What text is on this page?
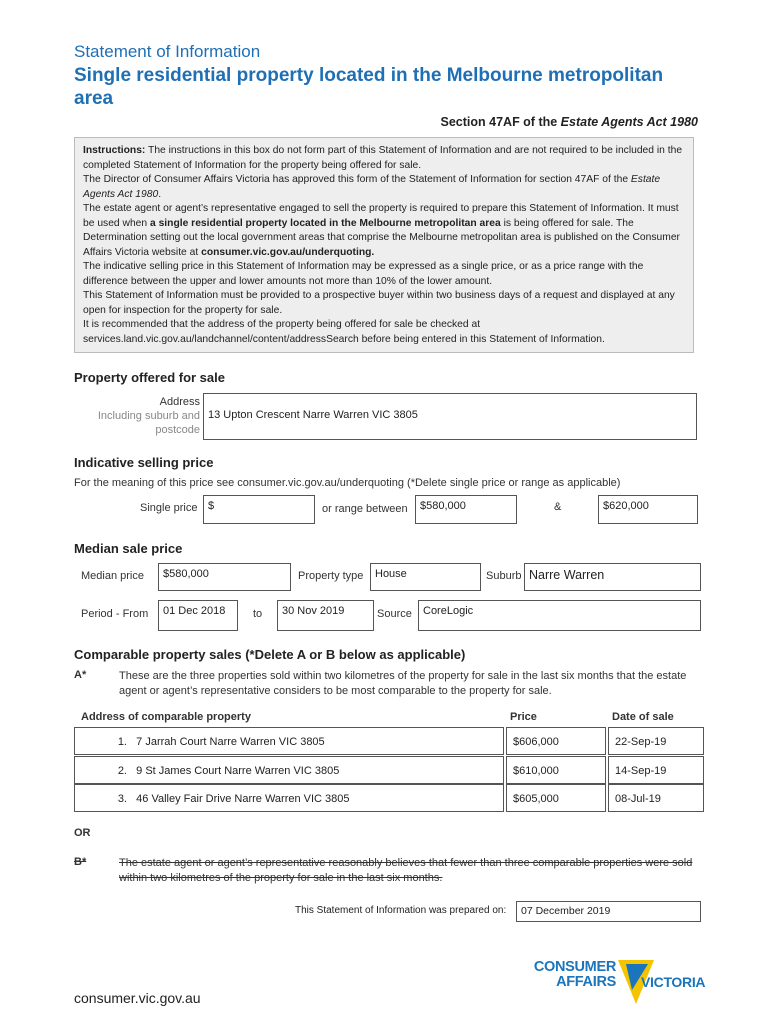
Statement of Information
Single residential property located in the Melbourne metropolitan area
Section 47AF of the Estate Agents Act 1980

Instructions: The instructions in this box do not form part of this Statement of Information and are not required to be included in the completed Statement of Information for the property being offered for sale.

The Director of Consumer Affairs Victoria has approved this form of the Statement of Information for section 47AF of the Estate Agents Act 1980.

The estate agent or agent’s representative engaged to sell the property is required to prepare this Statement of Information. It must be used when a single residential property located in the Melbourne metropolitan area is being offered for sale. The Determination setting out the local government areas that comprise the Melbourne metropolitan area is published on the Consumer Affairs Victoria website at consumer.vic.gov.au/underquoting.

The indicative selling price in this Statement of Information may be expressed as a single price, or as a price range with the difference between the upper and lower amounts not more than 10% of the lower amount.

This Statement of Information must be provided to a prospective buyer within two business days of a request and displayed at any open for inspection for the property for sale.

It is recommended that the address of the property being offered for sale be checked at services.land.vic.gov.au/landchannel/content/addressSearch before being entered in this Statement of Information.

Property offered for sale
Address
Including suburb and
postcode
13 Upton Crescent Narre Warren VIC 3805
Indicative selling price
For the meaning of this price see consumer.vic.gov.au/underquoting (*Delete single price or range as applicable)
Single price $	or range between	$580,000	&	$620,000
Median sale price
Median price	$580,000	Property type	House	Suburb Narre Warren
Period - From	01 Dec 2018	to	30 Nov 2019	Source	CoreLogic
Comparable property sales (*Delete A or B below as applicable)
A*	These are the three properties sold within two kilometres of the property for sale in the last six months that the estate agent or agent’s representative considers to be most comparable to the property for sale.
Address of comparable property	Price	Date of sale
1. 7 Jarrah Court Narre Warren VIC 3805	$606,000	22-Sep-19
2. 9 St James Court Narre Warren VIC 3805	$610,000	14-Sep-19
3. 46 Valley Fair Drive Narre Warren VIC 3805	$605,000	08-Jul-19
OR
B*	The estate agent or agent’s representative reasonably believes that fewer than three comparable properties were sold within two kilometres of the property for sale in the last six months.
This Statement of Information was prepared on:	07 December 2019
CONSUMER
AFFAIRS VICTORIA
consumer.vic.gov.au
